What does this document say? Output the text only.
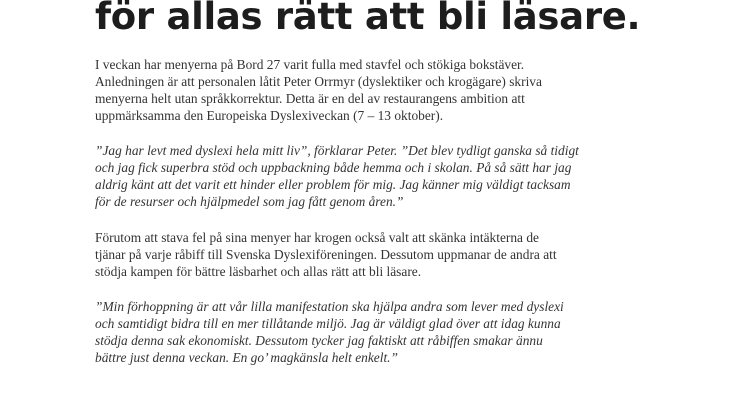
för allas rätt att bli läsare.

I veckan har menyerna på Bord 27 varit fulla med stavfel och stökiga bokstäver.
Anledningen är att personalen låtit Peter Orrmyr (dyslektiker och krogägare) skriva
menyerna helt utan språkkorrektur. Detta är en del av restaurangens ambition att
uppmärksamma den Europeiska Dyslexiveckan (7 – 13 oktober).

”Jag har levt med dyslexi hela mitt liv”, förklarar Peter. ”Det blev tydligt ganska så tidigt
och jag fick superbra stöd och uppbackning både hemma och i skolan. På så sätt har jag
aldrig känt att det varit ett hinder eller problem för mig. Jag känner mig väldigt tacksam
för de resurser och hjälpmedel som jag fått genom åren.”

Förutom att stava fel på sina menyer har krogen också valt att skänka intäkterna de
tjänar på varje råbiff till Svenska Dyslexiföreningen. Dessutom uppmanar de andra att
stödja kampen för bättre läsbarhet och allas rätt att bli läsare.

”Min förhoppning är att vår lilla manifestation ska hjälpa andra som lever med dyslexi
och samtidigt bidra till en mer tillåtande miljö. Jag är väldigt glad över att idag kunna
stödja denna sak ekonomiskt. Dessutom tycker jag faktiskt att råbiffen smakar ännu
bättre just denna veckan. En go’ magkänsla helt enkelt.”
